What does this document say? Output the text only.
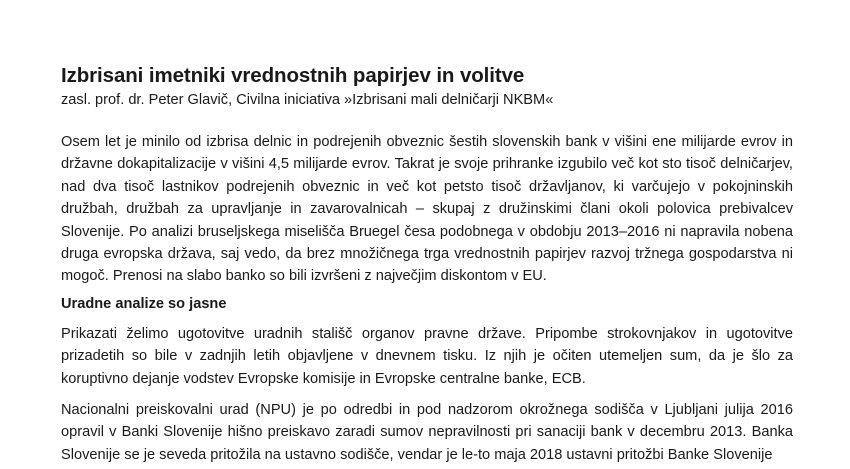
Izbrisani imetniki vrednostnih papirjev in volitve

zasl. prof. dr. Peter Glavič, Civilna iniciativa »Izbrisani mali delničarji NKBM«

Osem let je minilo od izbrisa delnic in podrejenih obveznic šestih slovenskih bank v višini ene milijarde evrov in državne dokapitalizacije v višini 4,5 milijarde evrov. Takrat je svoje prihranke izgubilo več kot sto tisoč delničarjev, nad dva tisoč lastnikov podrejenih obveznic in več kot petsto tisoč državljanov, ki varčujejo v pokojninskih družbah, družbah za upravljanje in zavarovalnicah – skupaj z družinskimi člani okoli polovica prebivalcev Slovenije. Po analizi bruseljskega miselišča Bruegel česa podobnega v obdobju 2013–2016 ni napravila nobena druga evropska država, saj vedo, da brez množičnega trga vrednostnih papirjev razvoj tržnega gospodarstva ni mogoč. Prenosi na slabo banko so bili izvršeni z največjim diskontom v EU.

Uradne analize so jasne

Prikazati želimo ugotovitve uradnih stališč organov pravne države. Pripombe strokovnjakov in ugotovitve prizadetih so bile v zadnjih letih objavljene v dnevnem tisku. Iz njih je očiten utemeljen sum, da je šlo za koruptivno dejanje vodstev Evropske komisije in Evropske centralne banke, ECB.

Nacionalni preiskovalni urad (NPU) je po odredbi in pod nadzorom okrožnega sodišča v Ljubljani julija 2016 opravil v Banki Slovenije hišno preiskavo zaradi sumov nepravilnosti pri sanaciji bank v decembru 2013. Banka Slovenije se je seveda pritožila na ustavno sodišče, vendar je le-to maja 2018 ustavni pritožbi Banke Slovenije
